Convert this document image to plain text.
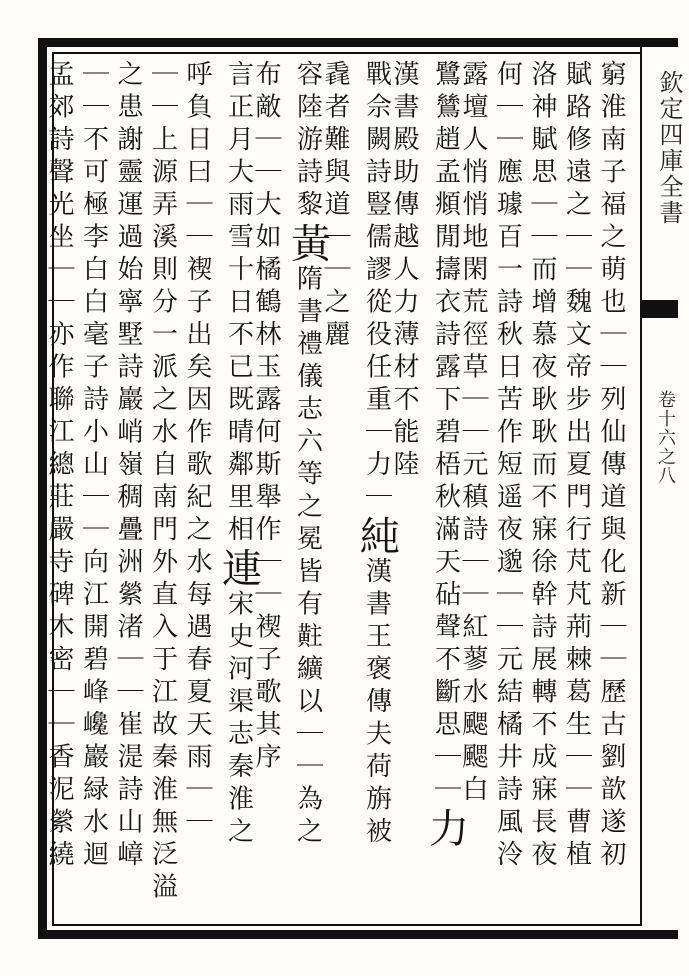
欽定四庫全書
卷十六之八
窮淮南子福之萌也｜｜列仙傳道與化新｜｜歷古劉歆遂初
賦路修遠之｜｜魏文帝步出夏門行芃芃荊棘葛生｜｜曹植
洛神賦思｜｜而增慕夜耿耿而不寐徐幹詩展轉不成寐長夜
何｜｜應璩百一詩秋日苦作短遥夜邈｜｜元結橘井詩風泠
露壇人悄悄地閑荒徑草｜｜元稹詩｜｜紅蓼水颸颸白
鷺鷥趙孟頫閒擣衣詩露下碧梧秋滿天砧聲不斷思｜｜力
漢書殿助傳越人力薄材不能陸
戰佘闕詩豎儒謬從役任重｜力｜純漢書王褒傳夫荷旃被
毳者難與道｜｜之麗
容陸游詩黎黃隋書禮儀志六等之冕皆有黈纊以｜｜為之
布敵｜｜大如橘鶴林玉露何斯舉作｜｜褉子歌其序
言正月大雨雪十日不已既晴鄰里相連宋史河渠志秦淮之
呼負日曰｜｜褉子出矣因作歌紀之水每遇春夏天雨｜｜
｜｜上源弄溪則分一派之水自南門外直入于江故秦淮無泛溢
之患謝靈運過始寧墅詩巖峭嶺稠疊洲縈渚｜｜崔湜詩山嶂
｜｜不可極李白白毫子詩小山｜｜向江開碧峰巉巖緑水迴
孟郊詩聲光坐｜｜亦作聯江總莊嚴寺碑木密｜｜香泥縈繞
